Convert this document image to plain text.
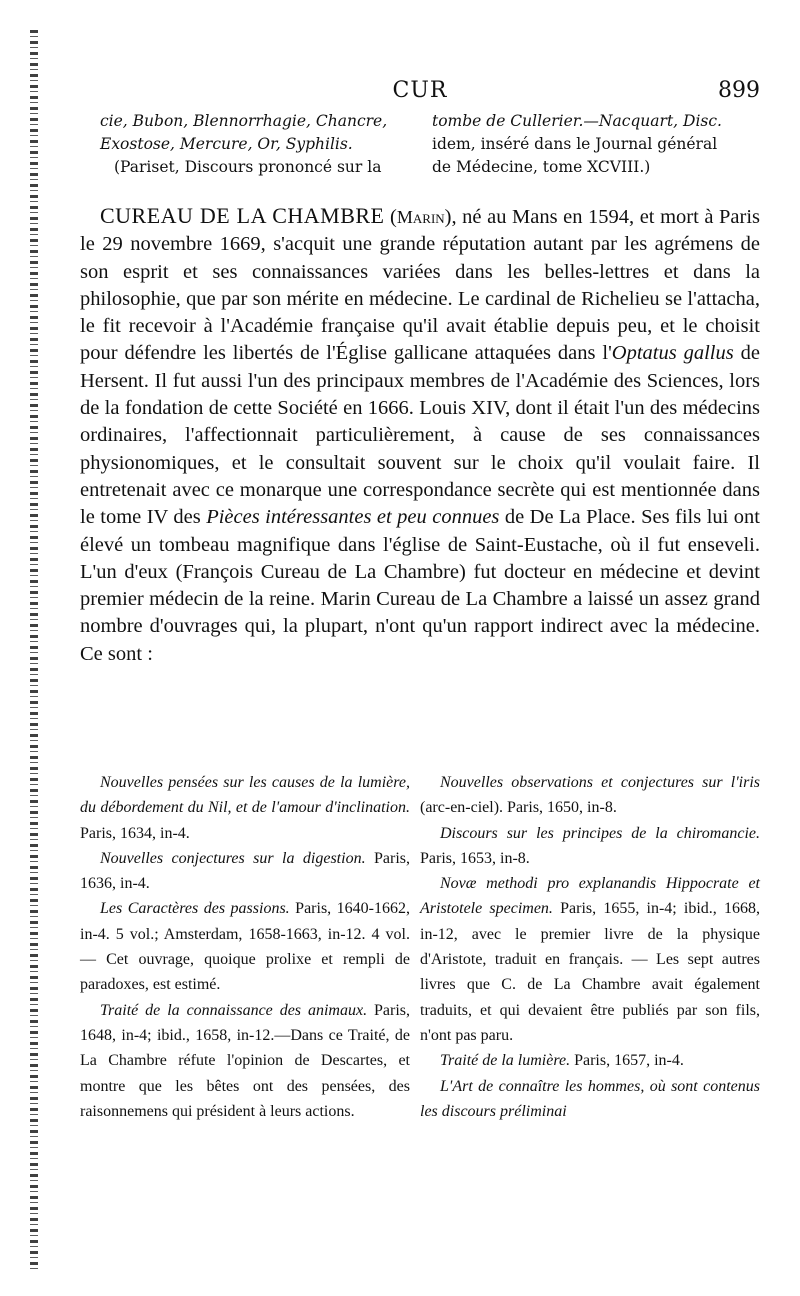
CUR	899

cie, Bubon, Blennorrhagie, Chancre,

Exostose, Mercure, Or, Syphilis.

(Pariset, Discours prononcé sur la

tombe de Cullerier.—Nacquart, Disc.

idem, inséré dans le Journal général

de Médecine, tome XCVIII.)

CUREAU DE LA CHAMBRE (Marin), né au Mans en 1594, et mort à Paris le 29 novembre 1669, s'acquit une grande réputation autant par les agrémens de son esprit et ses connaissances variées dans les belles-lettres et dans la philosophie, que par son mérite en médecine. Le cardinal de Richelieu se l'attacha, le fit recevoir à l'Académie française qu'il avait établie depuis peu, et le choisit pour défendre les libertés de l'Église gallicane attaquées dans l'Optatus gallus de Hersent. Il fut aussi l'un des principaux membres de l'Académie des Sciences, lors de la fondation de cette Société en 1666. Louis XIV, dont il était l'un des médecins ordinaires, l'affectionnait particulièrement, à cause de ses connaissances physionomiques, et le consultait souvent sur le choix qu'il voulait faire. Il entretenait avec ce monarque une correspondance secrète qui est mentionnée dans le tome IV des Pièces intéressantes et peu connues de De La Place. Ses fils lui ont élevé un tombeau magnifique dans l'église de Saint-Eustache, où il fut enseveli. L'un d'eux (François Cureau de La Chambre) fut docteur en médecine et devint premier médecin de la reine. Marin Cureau de La Chambre a laissé un assez grand nombre d'ouvrages qui, la plupart, n'ont qu'un rapport indirect avec la médecine. Ce sont :

Nouvelles pensées sur les causes de la lumière, du débordement du Nil, et de l'amour d'inclination. Paris, 1634, in-4.

Nouvelles conjectures sur la digestion. Paris, 1636, in-4.

Les Caractères des passions. Paris, 1640-1662, in-4. 5 vol.; Amsterdam, 1658-1663, in-12. 4 vol. — Cet ouvrage, quoique prolixe et rempli de paradoxes, est estimé.

Traité de la connaissance des animaux. Paris, 1648, in-4; ibid., 1658, in-12.—Dans ce Traité, de La Chambre réfute l'opinion de Descartes, et montre que les bêtes ont des pensées, des raisonnemens qui président à leurs actions.

Nouvelles observations et conjectures sur l'iris (arc-en-ciel). Paris, 1650, in-8.

Discours sur les principes de la chiromancie. Paris, 1653, in-8.

Novæ methodi pro explanandis Hippocrate et Aristotele specimen. Paris, 1655, in-4; ibid., 1668, in-12, avec le premier livre de la physique d'Aristote, traduit en français. — Les sept autres livres que C. de La Chambre avait également traduits, et qui devaient être publiés par son fils, n'ont pas paru.

Traité de la lumière. Paris, 1657, in-4.

L'Art de connaître les hommes, où sont contenus les discours préliminai
